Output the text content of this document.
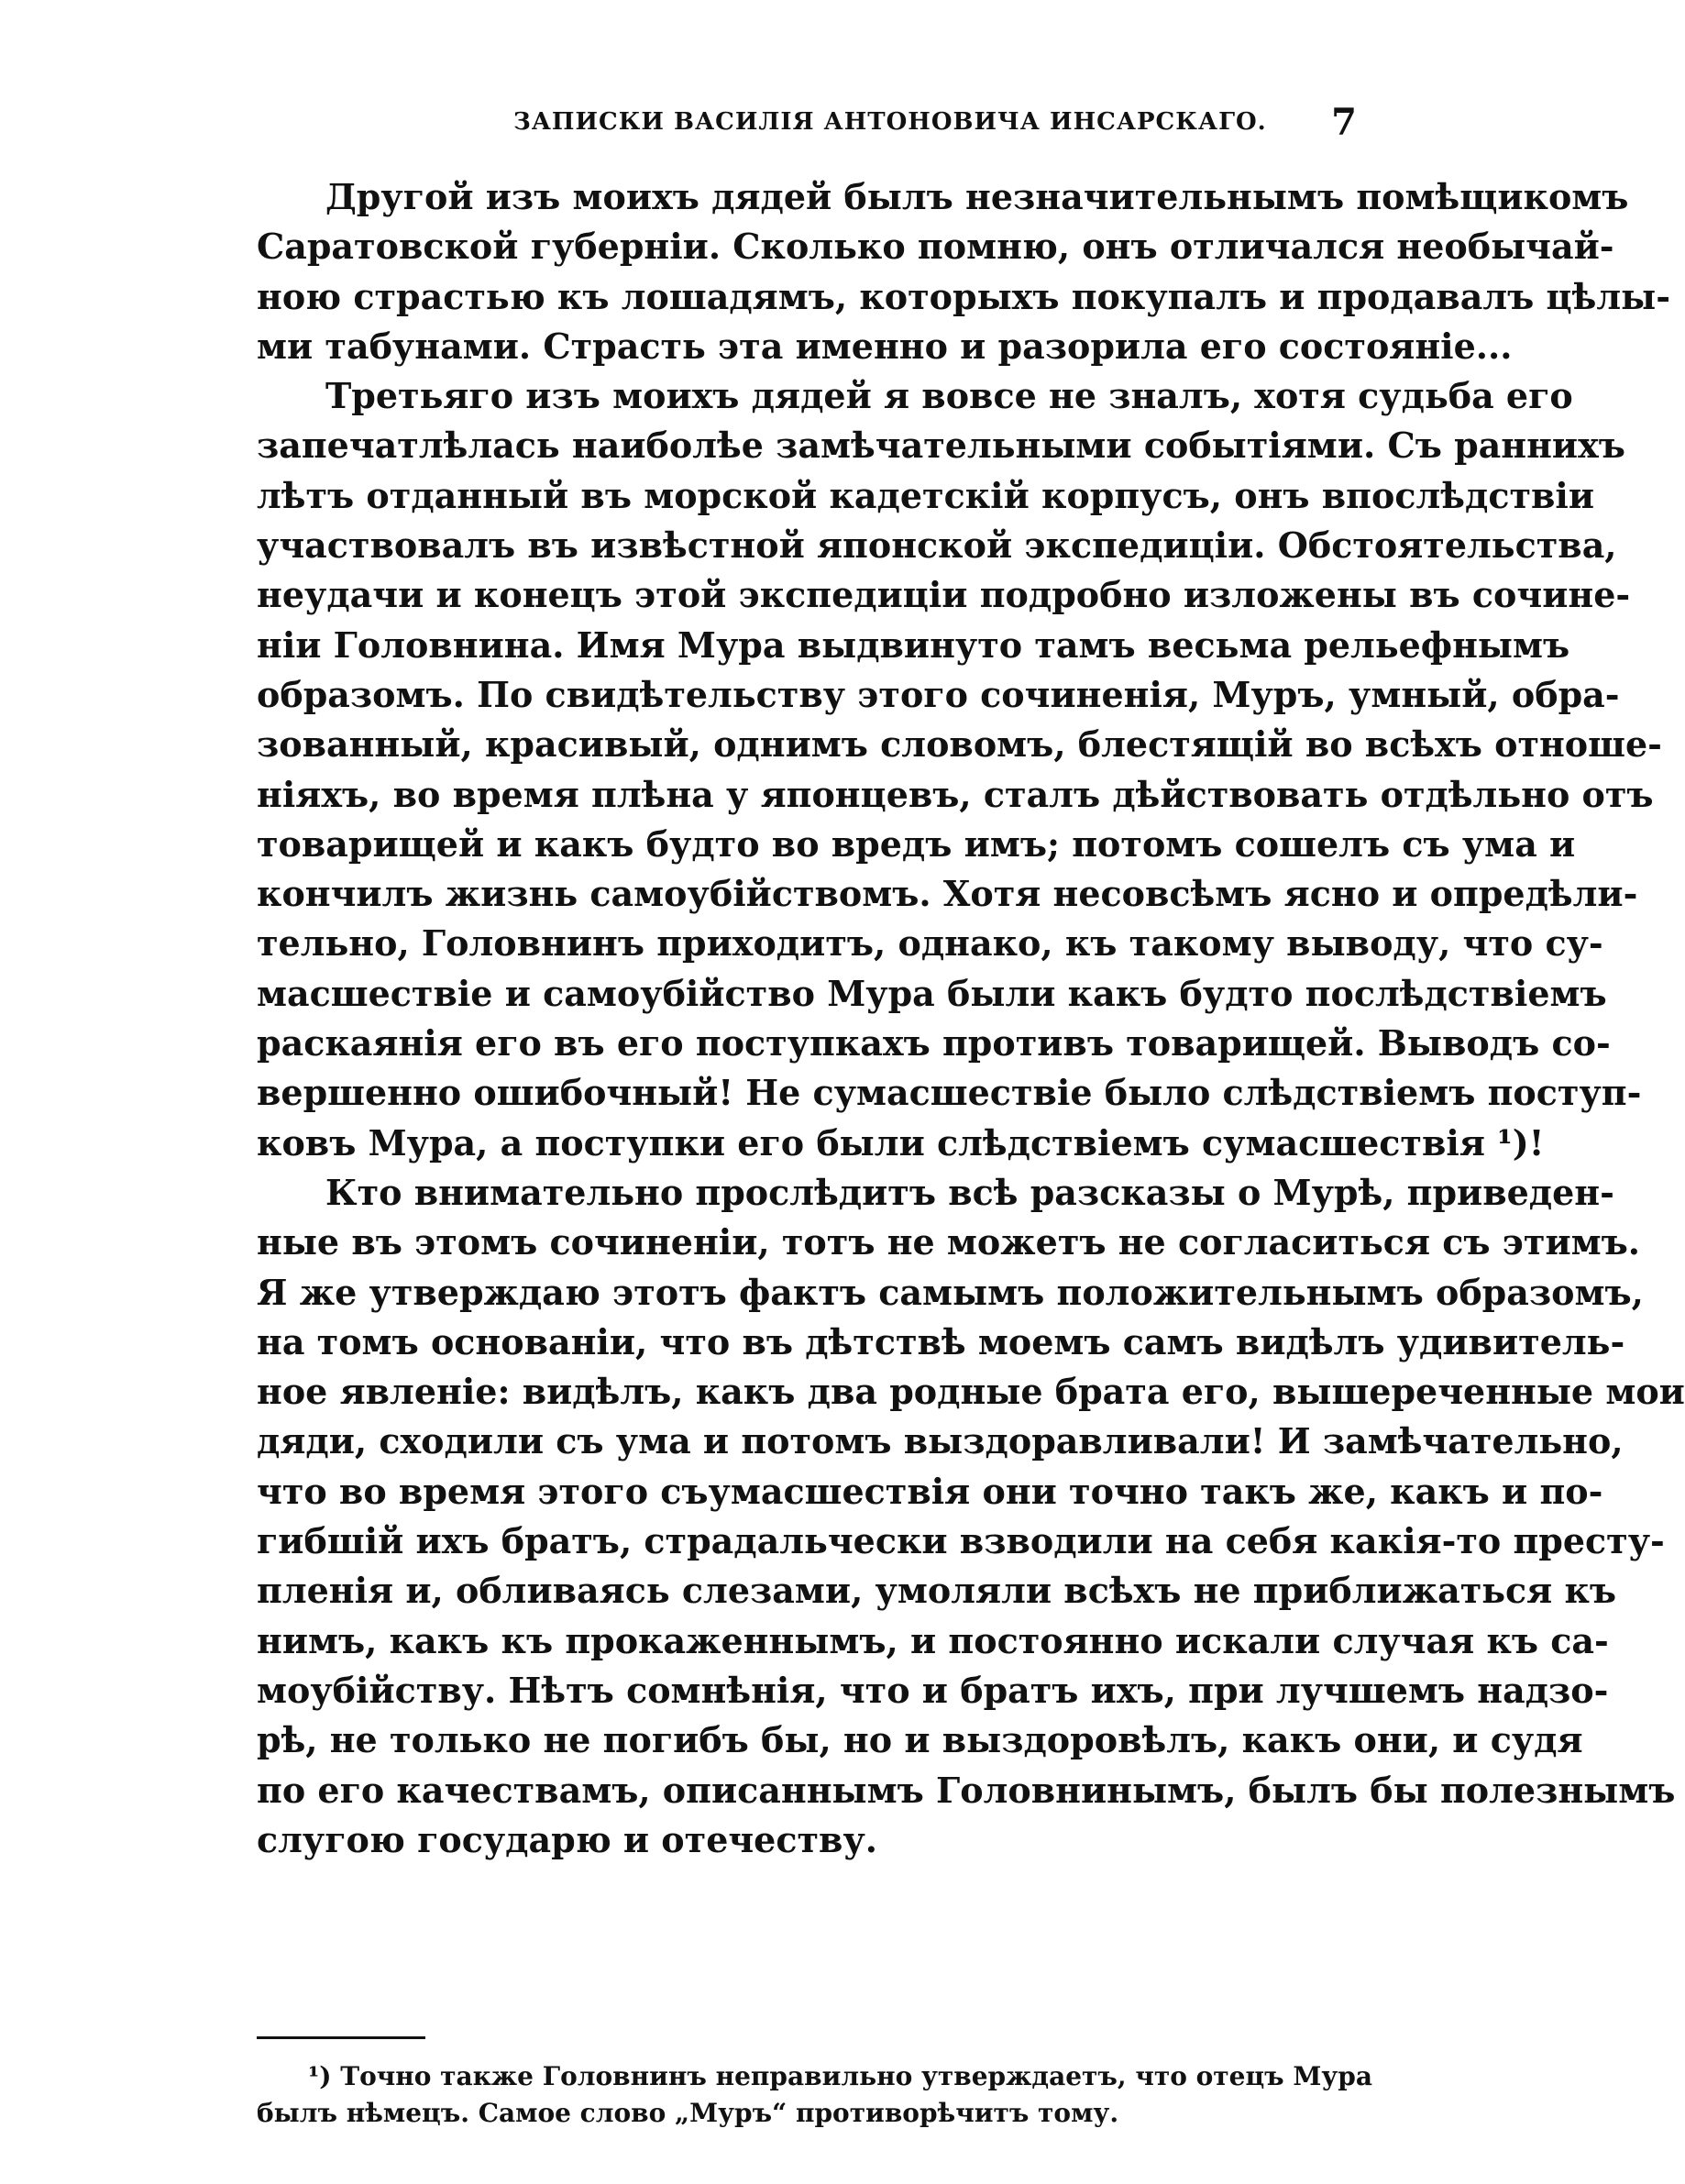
ЗАПИСКИ ВАСИЛІЯ АНТОНОВИЧА ИНСАРСКАГО. 7

Другой изъ моихъ дядей былъ незначительнымъ помѣщикомъ
Саратовской губерніи. Сколько помню, онъ отличался необычай-
ною страстью къ лошадямъ, которыхъ покупалъ и продавалъ цѣлы-
ми табунами. Страсть эта именно и разорила его состояніе...

Третьяго изъ моихъ дядей я вовсе не зналъ, хотя судьба его
запечатлѣлась наиболѣе замѣчательными событіями. Съ раннихъ
лѣтъ отданный въ морской кадетскій корпусъ, онъ впослѣдствіи
участвовалъ въ извѣстной японской экспедиціи. Обстоятельства,
неудачи и конецъ этой экспедиціи подробно изложены въ сочине-
ніи Головнина. Имя Мура выдвинуто тамъ весьма рельефнымъ
образомъ. По свидѣтельству этого сочиненія, Муръ, умный, обра-
зованный, красивый, однимъ словомъ, блестящій во всѣхъ отноше-
ніяхъ, во время плѣна у японцевъ, сталъ дѣйствовать отдѣльно отъ
товарищей и какъ будто во вредъ имъ; потомъ сошелъ съ ума и
кончилъ жизнь самоубійствомъ. Хотя несовсѣмъ ясно и опредѣли-
тельно, Головнинъ приходитъ, однако, къ такому выводу, что су-
масшествіе и самоубійство Мура были какъ будто послѣдствіемъ
раскаянія его въ его поступкахъ противъ товарищей. Выводъ со-
вершенно ошибочный! Не сумасшествіе было слѣдствіемъ поступ-
ковъ Мура, а поступки его были слѣдствіемъ сумасшествія ¹)!

Кто внимательно прослѣдитъ всѣ разсказы о Мурѣ, приведен-
ные въ этомъ сочиненіи, тотъ не можетъ не согласиться съ этимъ.
Я же утверждаю этотъ фактъ самымъ положительнымъ образомъ,
на томъ основаніи, что въ дѣтствѣ моемъ самъ видѣлъ удивитель-
ное явленіе: видѣлъ, какъ два родные брата его, вышереченные мои
дяди, сходили съ ума и потомъ выздоравливали! И замѣчательно,
что во время этого съумасшествія они точно такъ же, какъ и по-
гибшій ихъ братъ, страдальчески взводили на себя какія-то престу-
пленія и, обливаясь слезами, умоляли всѣхъ не приближаться къ
нимъ, какъ къ прокаженнымъ, и постоянно искали случая къ са-
моубійству. Нѣтъ сомнѣнія, что и братъ ихъ, при лучшемъ надзо-
рѣ, не только не погибъ бы, но и выздоровѣлъ, какъ они, и судя
по его качествамъ, описаннымъ Головнинымъ, былъ бы полезнымъ
слугою государю и отечеству.

¹) Точно также Головнинъ неправильно утверждаетъ, что отецъ Мура
былъ нѣмецъ. Самое слово „Муръ“ противорѣчитъ тому.
